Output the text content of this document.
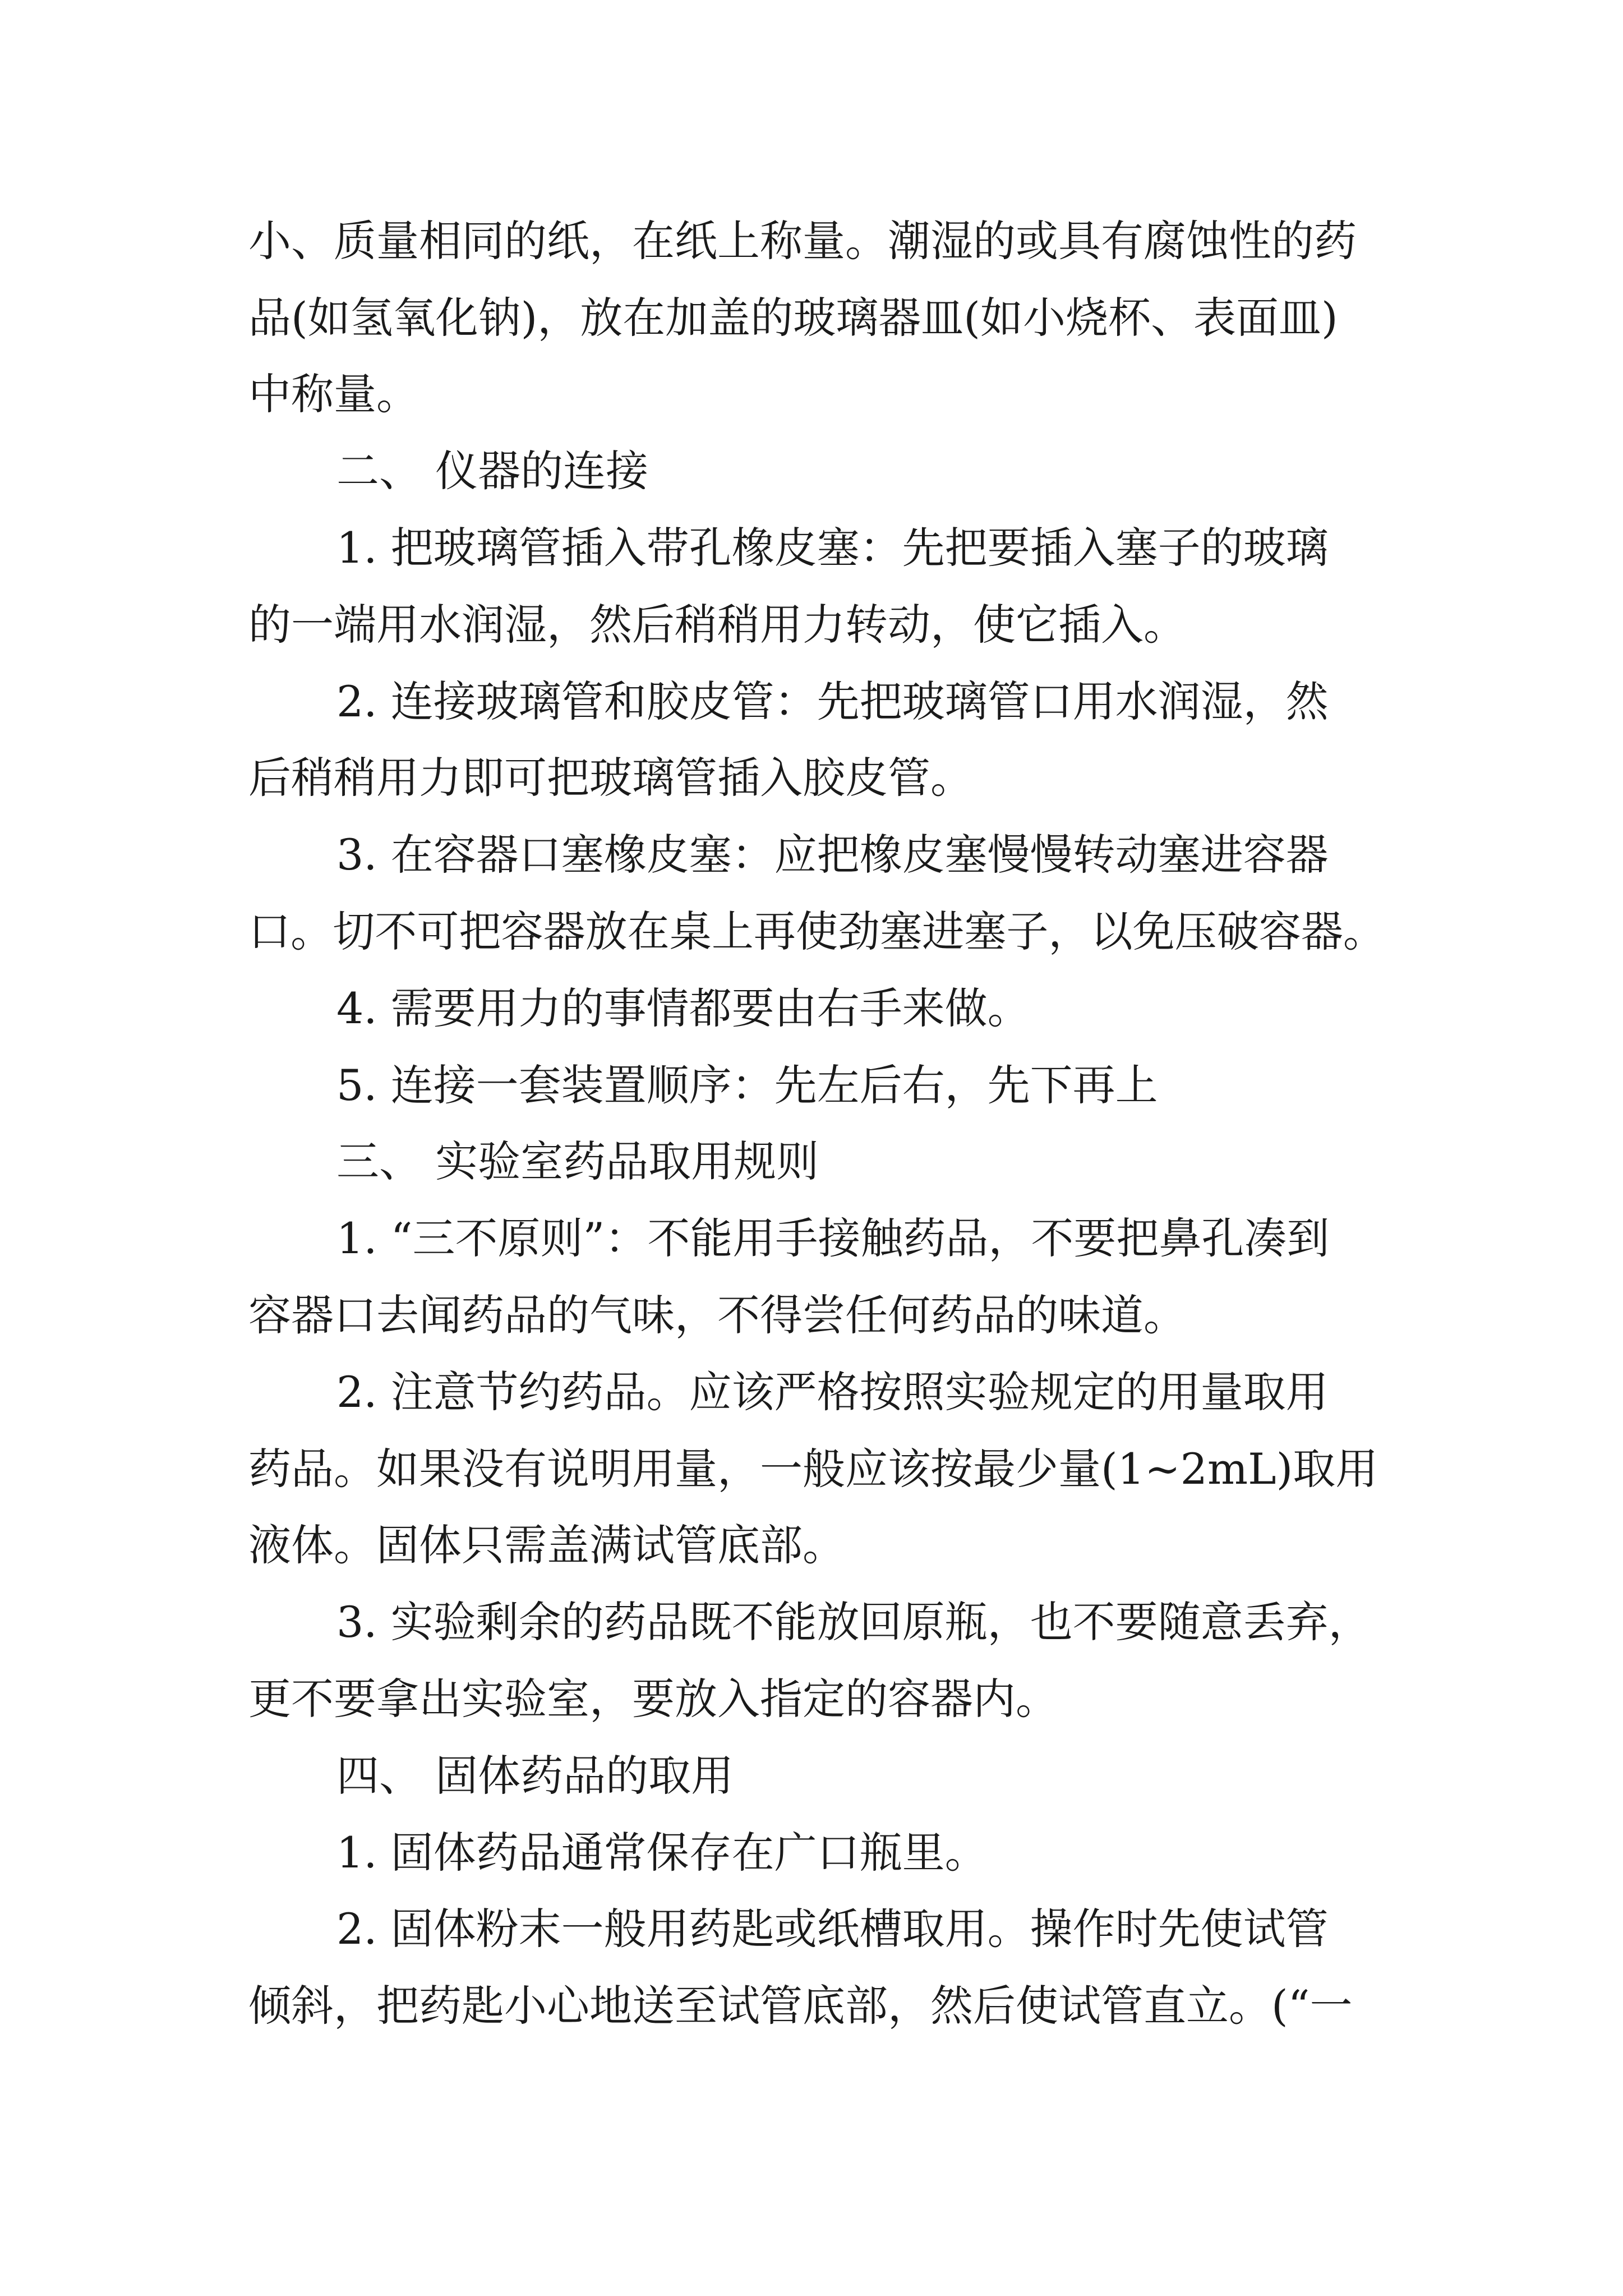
小、质量相同的纸，在纸上称量。潮湿的或具有腐蚀性的药
品(如氢氧化钠)，放在加盖的玻璃器皿(如小烧杯、表面皿)
中称量。
二、 仪器的连接
1. 把玻璃管插入带孔橡皮塞：先把要插入塞子的玻璃
的一端用水润湿，然后稍稍用力转动，使它插入。
2. 连接玻璃管和胶皮管：先把玻璃管口用水润湿，然
后稍稍用力即可把玻璃管插入胶皮管。
3. 在容器口塞橡皮塞：应把橡皮塞慢慢转动塞进容器
口。切不可把容器放在桌上再使劲塞进塞子，以免压破容器。
4. 需要用力的事情都要由右手来做。
5. 连接一套装置顺序：先左后右，先下再上
三、 实验室药品取用规则
1. “三不原则”：不能用手接触药品，不要把鼻孔凑到
容器口去闻药品的气味，不得尝任何药品的味道。
2. 注意节约药品。应该严格按照实验规定的用量取用
药品。如果没有说明用量，一般应该按最少量(1~2mL)取用
液体。固体只需盖满试管底部。
3. 实验剩余的药品既不能放回原瓶，也不要随意丢弃，
更不要拿出实验室，要放入指定的容器内。
四、 固体药品的取用
1. 固体药品通常保存在广口瓶里。
2. 固体粉末一般用药匙或纸槽取用。操作时先使试管
倾斜，把药匙小心地送至试管底部，然后使试管直立。(“一
